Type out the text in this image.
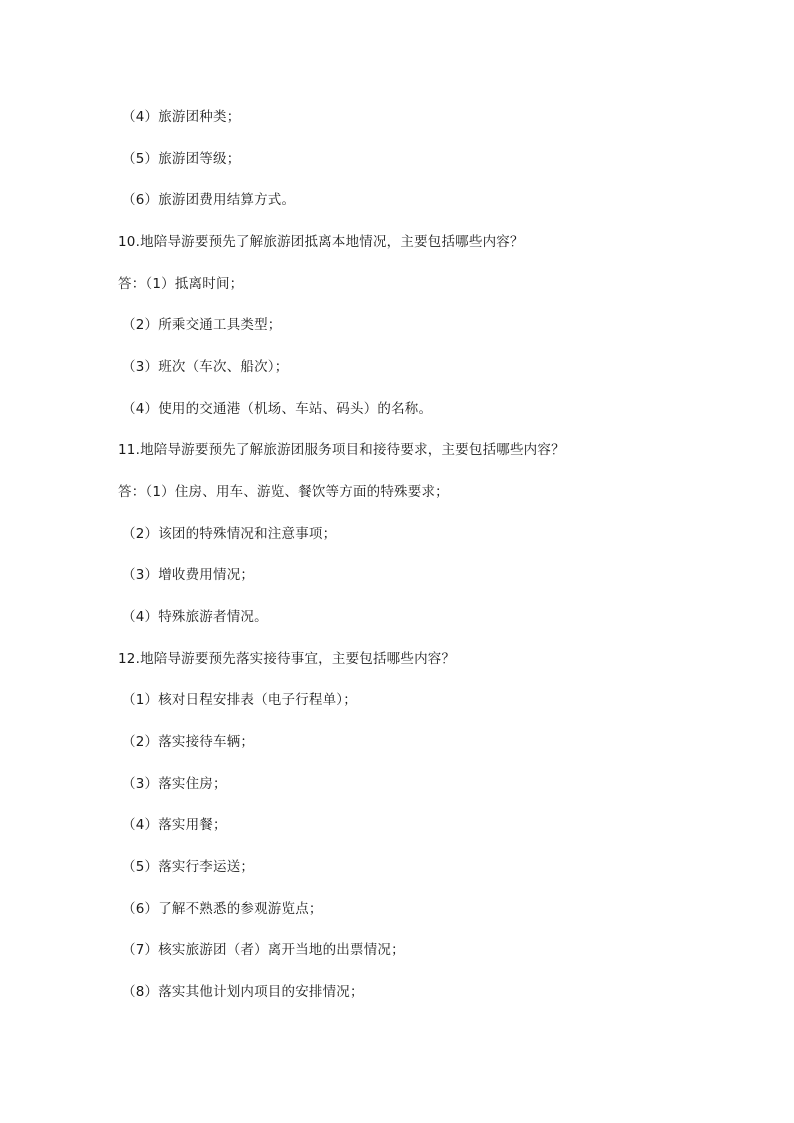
（4）旅游团种类；
（5）旅游团等级；
（6）旅游团费用结算方式。
10.地陪导游要预先了解旅游团抵离本地情况，主要包括哪些内容？
答：（1）抵离时间；
（2）所乘交通工具类型；
（3）班次（车次、船次）；
（4）使用的交通港（机场、车站、码头）的名称。
11.地陪导游要预先了解旅游团服务项目和接待要求，主要包括哪些内容？
答：（1）住房、用车、游览、餐饮等方面的特殊要求；
（2）该团的特殊情况和注意事项；
（3）增收费用情况；
（4）特殊旅游者情况。
12.地陪导游要预先落实接待事宜，主要包括哪些内容？
（1）核对日程安排表（电子行程单）；
（2）落实接待车辆；
（3）落实住房；
（4）落实用餐；
（5）落实行李运送；
（6）了解不熟悉的参观游览点；
（7）核实旅游团（者）离开当地的出票情况；
（8）落实其他计划内项目的安排情况；
